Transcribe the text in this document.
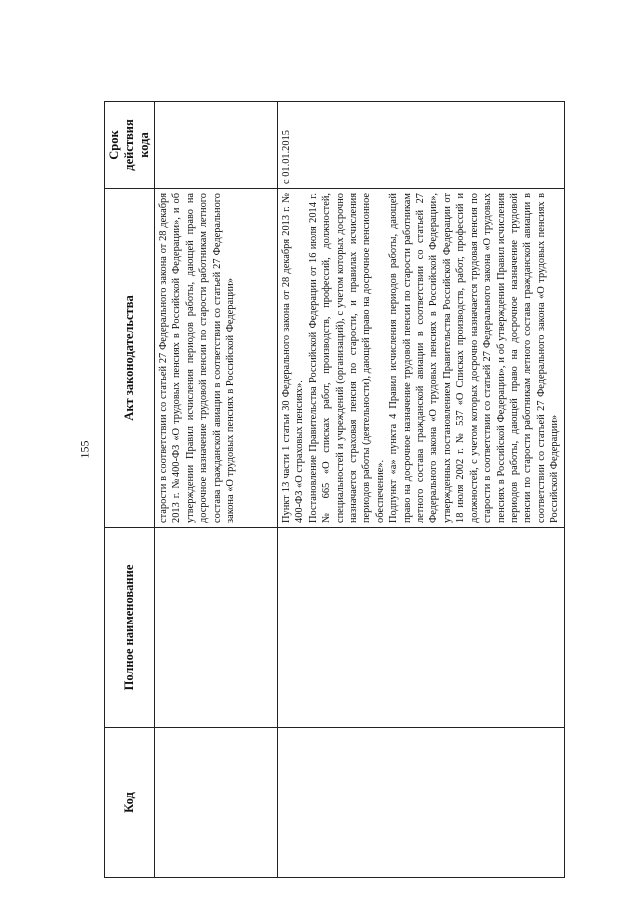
155
Код	Полное наименование	Акт законодательства	Срок действия кода

		старости в соответствии со статьей 27 Федерального закона от 28 декабря 2013 г. №400-ФЗ «О трудовых пенсиях в Российской Федерации», и об утверждении Правил исчисления периодов работы, дающей право на досрочное назначение трудовой пенсии по старости работникам летного состава гражданской авиации в соответствии со статьей 27 Федерального закона «О трудовых пенсиях в Российской Федерации»	

		Пункт 13 части 1 статьи 30 Федерального закона от 28 декабря 2013 г. № 400-ФЗ «О страховых пенсиях». Постановление Правительства Российской Федерации от 16 июля 2014 г. № 665 «О списках работ, производств, профессий, должностей, специальностей и учреждений (организаций), с учетом которых досрочно назначается страховая пенсия по старости, и правилах исчисления периодов работы (деятельности), дающей право на досрочное пенсионное обеспечение». Подпункт «а» пункта 4 Правил исчисления периодов работы, дающей право на досрочное назначение трудовой пенсии по старости работникам летного состава гражданской авиации в соответствии со статьей 27 Федерального закона «О трудовых пенсиях в Российской Федерации», утвержденных постановлением Правительства Российской Федерации от 18 июля 2002 г. № 537 «О Списках производств, работ, профессий и должностей, с учетом которых досрочно назначается трудовая пенсия по старости в соответствии со статьей 27 Федерального закона «О трудовых пенсиях в Российской Федерации», и об утверждении Правил исчисления периодов работы, дающей право на досрочное назначение трудовой пенсии по старости работникам летного состава гражданской авиации в соответствии со статьей 27 Федерального закона «О трудовых пенсиях в Российской Федерации»	с 01.01.2015
